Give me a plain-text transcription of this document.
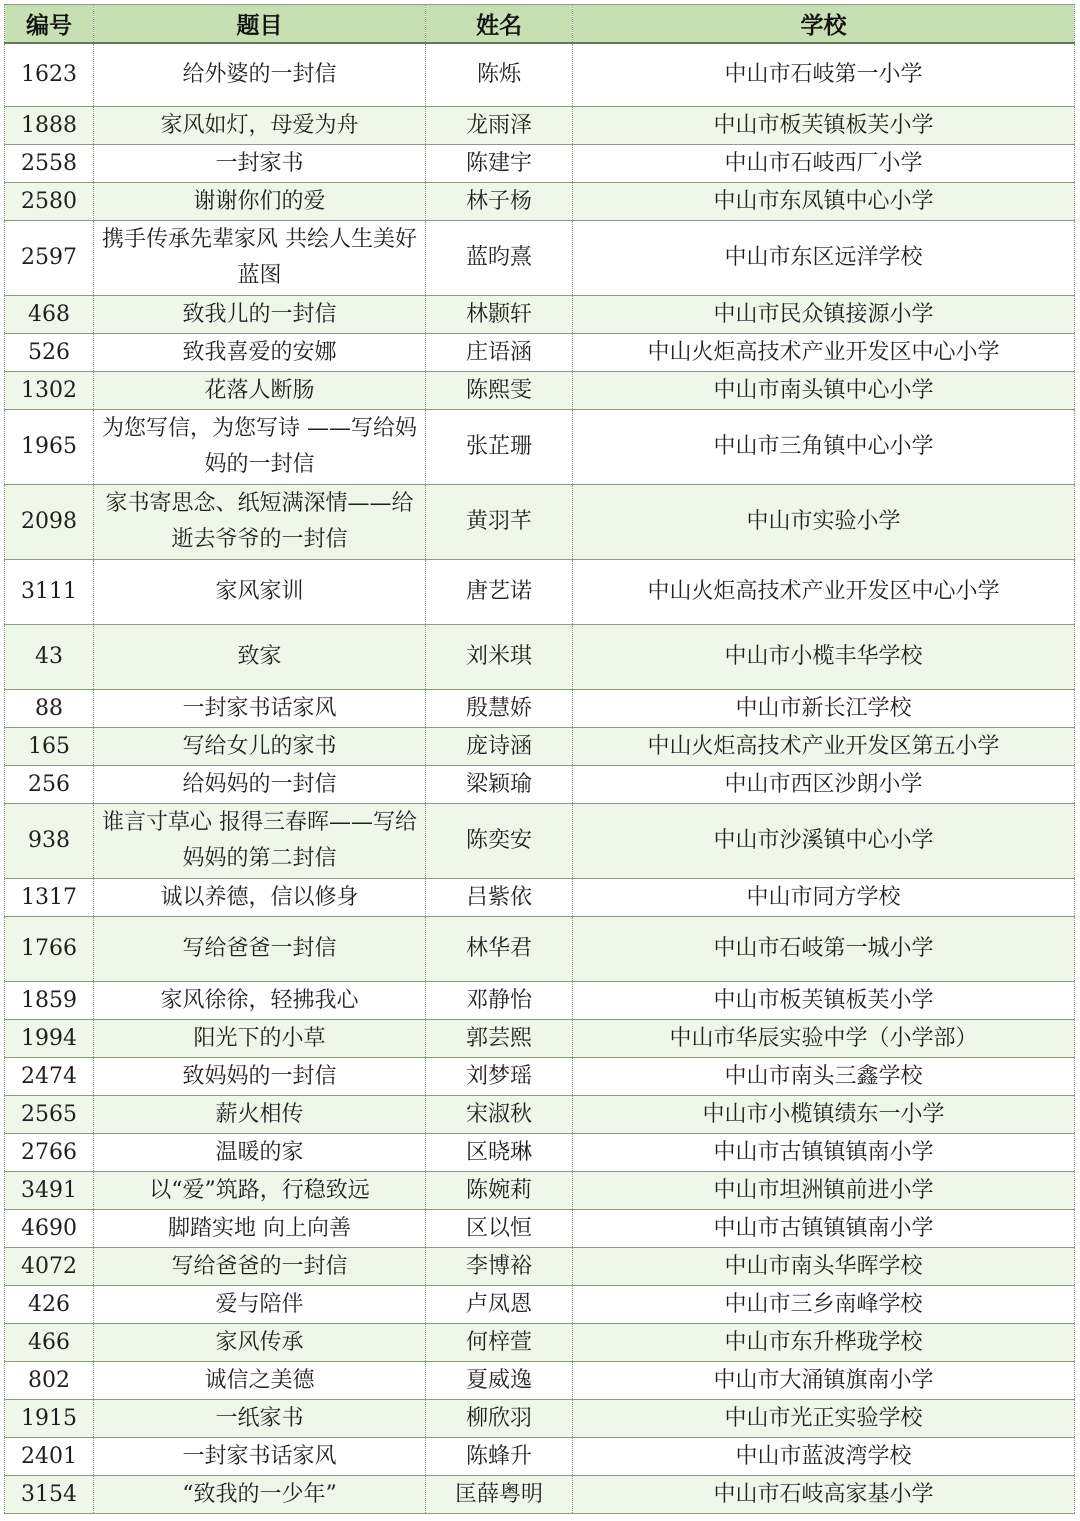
编号	题目	姓名	学校
1623	给外婆的一封信	陈烁	中山市石岐第一小学
1888	家风如灯，母爱为舟	龙雨泽	中山市板芙镇板芙小学
2558	一封家书	陈建宇	中山市石岐西厂小学
2580	谢谢你们的爱	林子杨	中山市东凤镇中心小学
2597	携手传承先辈家风 共绘人生美好蓝图	蓝昀熹	中山市东区远洋学校
468	致我儿的一封信	林颢轩	中山市民众镇接源小学
526	致我喜爱的安娜	庄语涵	中山火炬高技术产业开发区中心小学
1302	花落人断肠	陈熙雯	中山市南头镇中心小学
1965	为您写信，为您写诗 ——写给妈妈的一封信	张芷珊	中山市三角镇中心小学
2098	家书寄思念、纸短满深情——给逝去爷爷的一封信	黄羽芊	中山市实验小学
3111	家风家训	唐艺诺	中山火炬高技术产业开发区中心小学
43	致家	刘米琪	中山市小榄丰华学校
88	一封家书话家风	殷慧娇	中山市新长江学校
165	写给女儿的家书	庞诗涵	中山火炬高技术产业开发区第五小学
256	给妈妈的一封信	梁颖瑜	中山市西区沙朗小学
938	谁言寸草心 报得三春晖——写给妈妈的第二封信	陈奕安	中山市沙溪镇中心小学
1317	诚以养德，信以修身	吕紫依	中山市同方学校
1766	写给爸爸一封信	林华君	中山市石岐第一城小学
1859	家风徐徐，轻拂我心	邓静怡	中山市板芙镇板芙小学
1994	阳光下的小草	郭芸熙	中山市华辰实验中学（小学部）
2474	致妈妈的一封信	刘梦瑶	中山市南头三鑫学校
2565	薪火相传	宋淑秋	中山市小榄镇绩东一小学
2766	温暖的家	区晓琳	中山市古镇镇镇南小学
3491	以“爱”筑路，行稳致远	陈婉莉	中山市坦洲镇前进小学
4690	脚踏实地 向上向善	区以恒	中山市古镇镇镇南小学
4072	写给爸爸的一封信	李博裕	中山市南头华晖学校
426	爱与陪伴	卢凤恩	中山市三乡南峰学校
466	家风传承	何梓萱	中山市东升桦珑学校
802	诚信之美德	夏威逸	中山市大涌镇旗南小学
1915	一纸家书	柳欣羽	中山市光正实验学校
2401	一封家书话家风	陈蜂升	中山市蓝波湾学校
3154	“致我的一少年”	匡薛粤明	中山市石岐高家基小学
